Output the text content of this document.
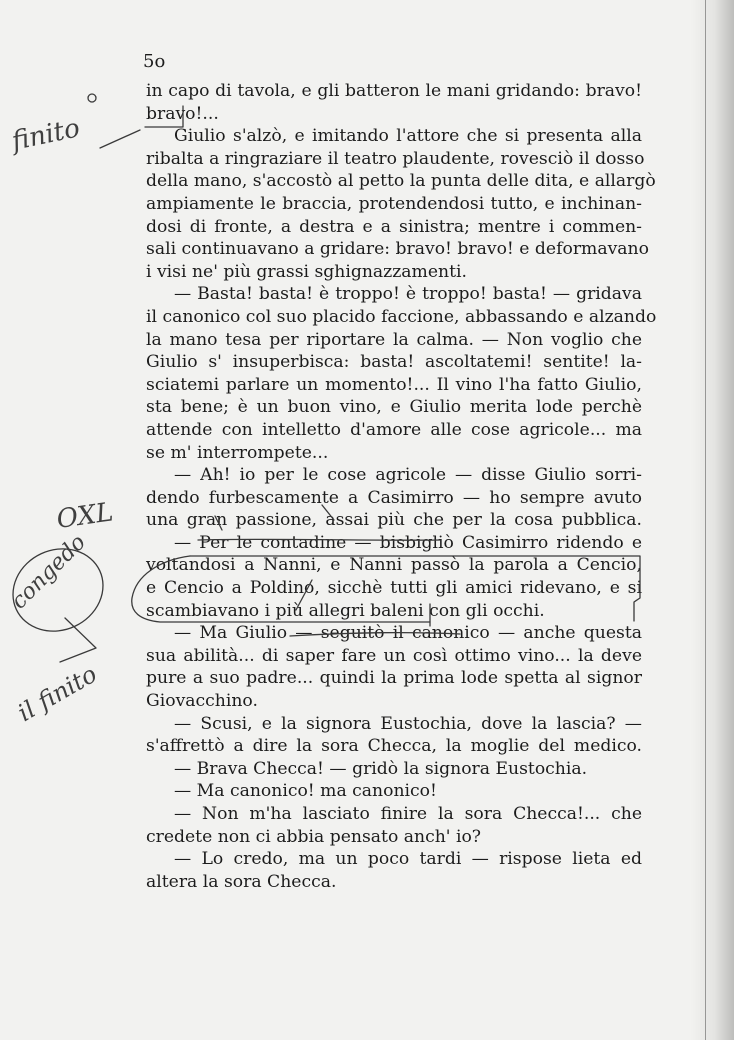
5o
in capo di tavola, e gli batteron le mani gridando: bravo!
bravo!...
Giulio s'alzò, e imitando l'attore che si presenta alla
ribalta a ringraziare il teatro plaudente, rovesciò il dosso
della mano, s'accostò al petto la punta delle dita, e allargò
ampiamente le braccia, protendendosi tutto, e inchinan-
dosi di fronte, a destra e a sinistra; mentre i commen-
sali continuavano a gridare: bravo! bravo! e deformavano
i visi ne' più grassi sghignazzamenti.
— Basta! basta! è troppo! è troppo! basta! — gridava
il canonico col suo placido faccione, abbassando e alzando
la mano tesa per riportare la calma. — Non voglio che
Giulio s' insuperbisca: basta! ascoltatemi! sentite! la-
sciatemi parlare un momento!... Il vino l'ha fatto Giulio,
sta bene; è un buon vino, e Giulio merita lode perchè
attende con intelletto d'amore alle cose agricole... ma
se m' interrompete...
— Ah! io per le cose agricole — disse Giulio sorri-
dendo furbescamente a Casimirro — ho sempre avuto
una gran passione, assai più che per la cosa pubblica.
— Per le contadine — bisbigliò Casimirro ridendo e
voltandosi a Nanni, e Nanni passò la parola a Cencio,
e Cencio a Poldino, sicchè tutti gli amici ridevano, e si
scambiavano i più allegri baleni con gli occhi.
— Ma Giulio — seguitò il canonico — anche questa
sua abilità... di saper fare un così ottimo vino... la deve
pure a suo padre... quindi la prima lode spetta al signor
Giovacchino.
— Scusi, e la signora Eustochia, dove la lascia? —
s'affrettò a dire la sora Checca, la moglie del medico.
— Brava Checca! — gridò la signora Eustochia.
— Ma canonico! ma canonico!
— Non m'ha lasciato finire la sora Checca!... che
credete non ci abbia pensato anch' io?
— Lo credo, ma un poco tardi — rispose lieta ed
altera la sora Checca.
finito
OXL
congedo
il finito
